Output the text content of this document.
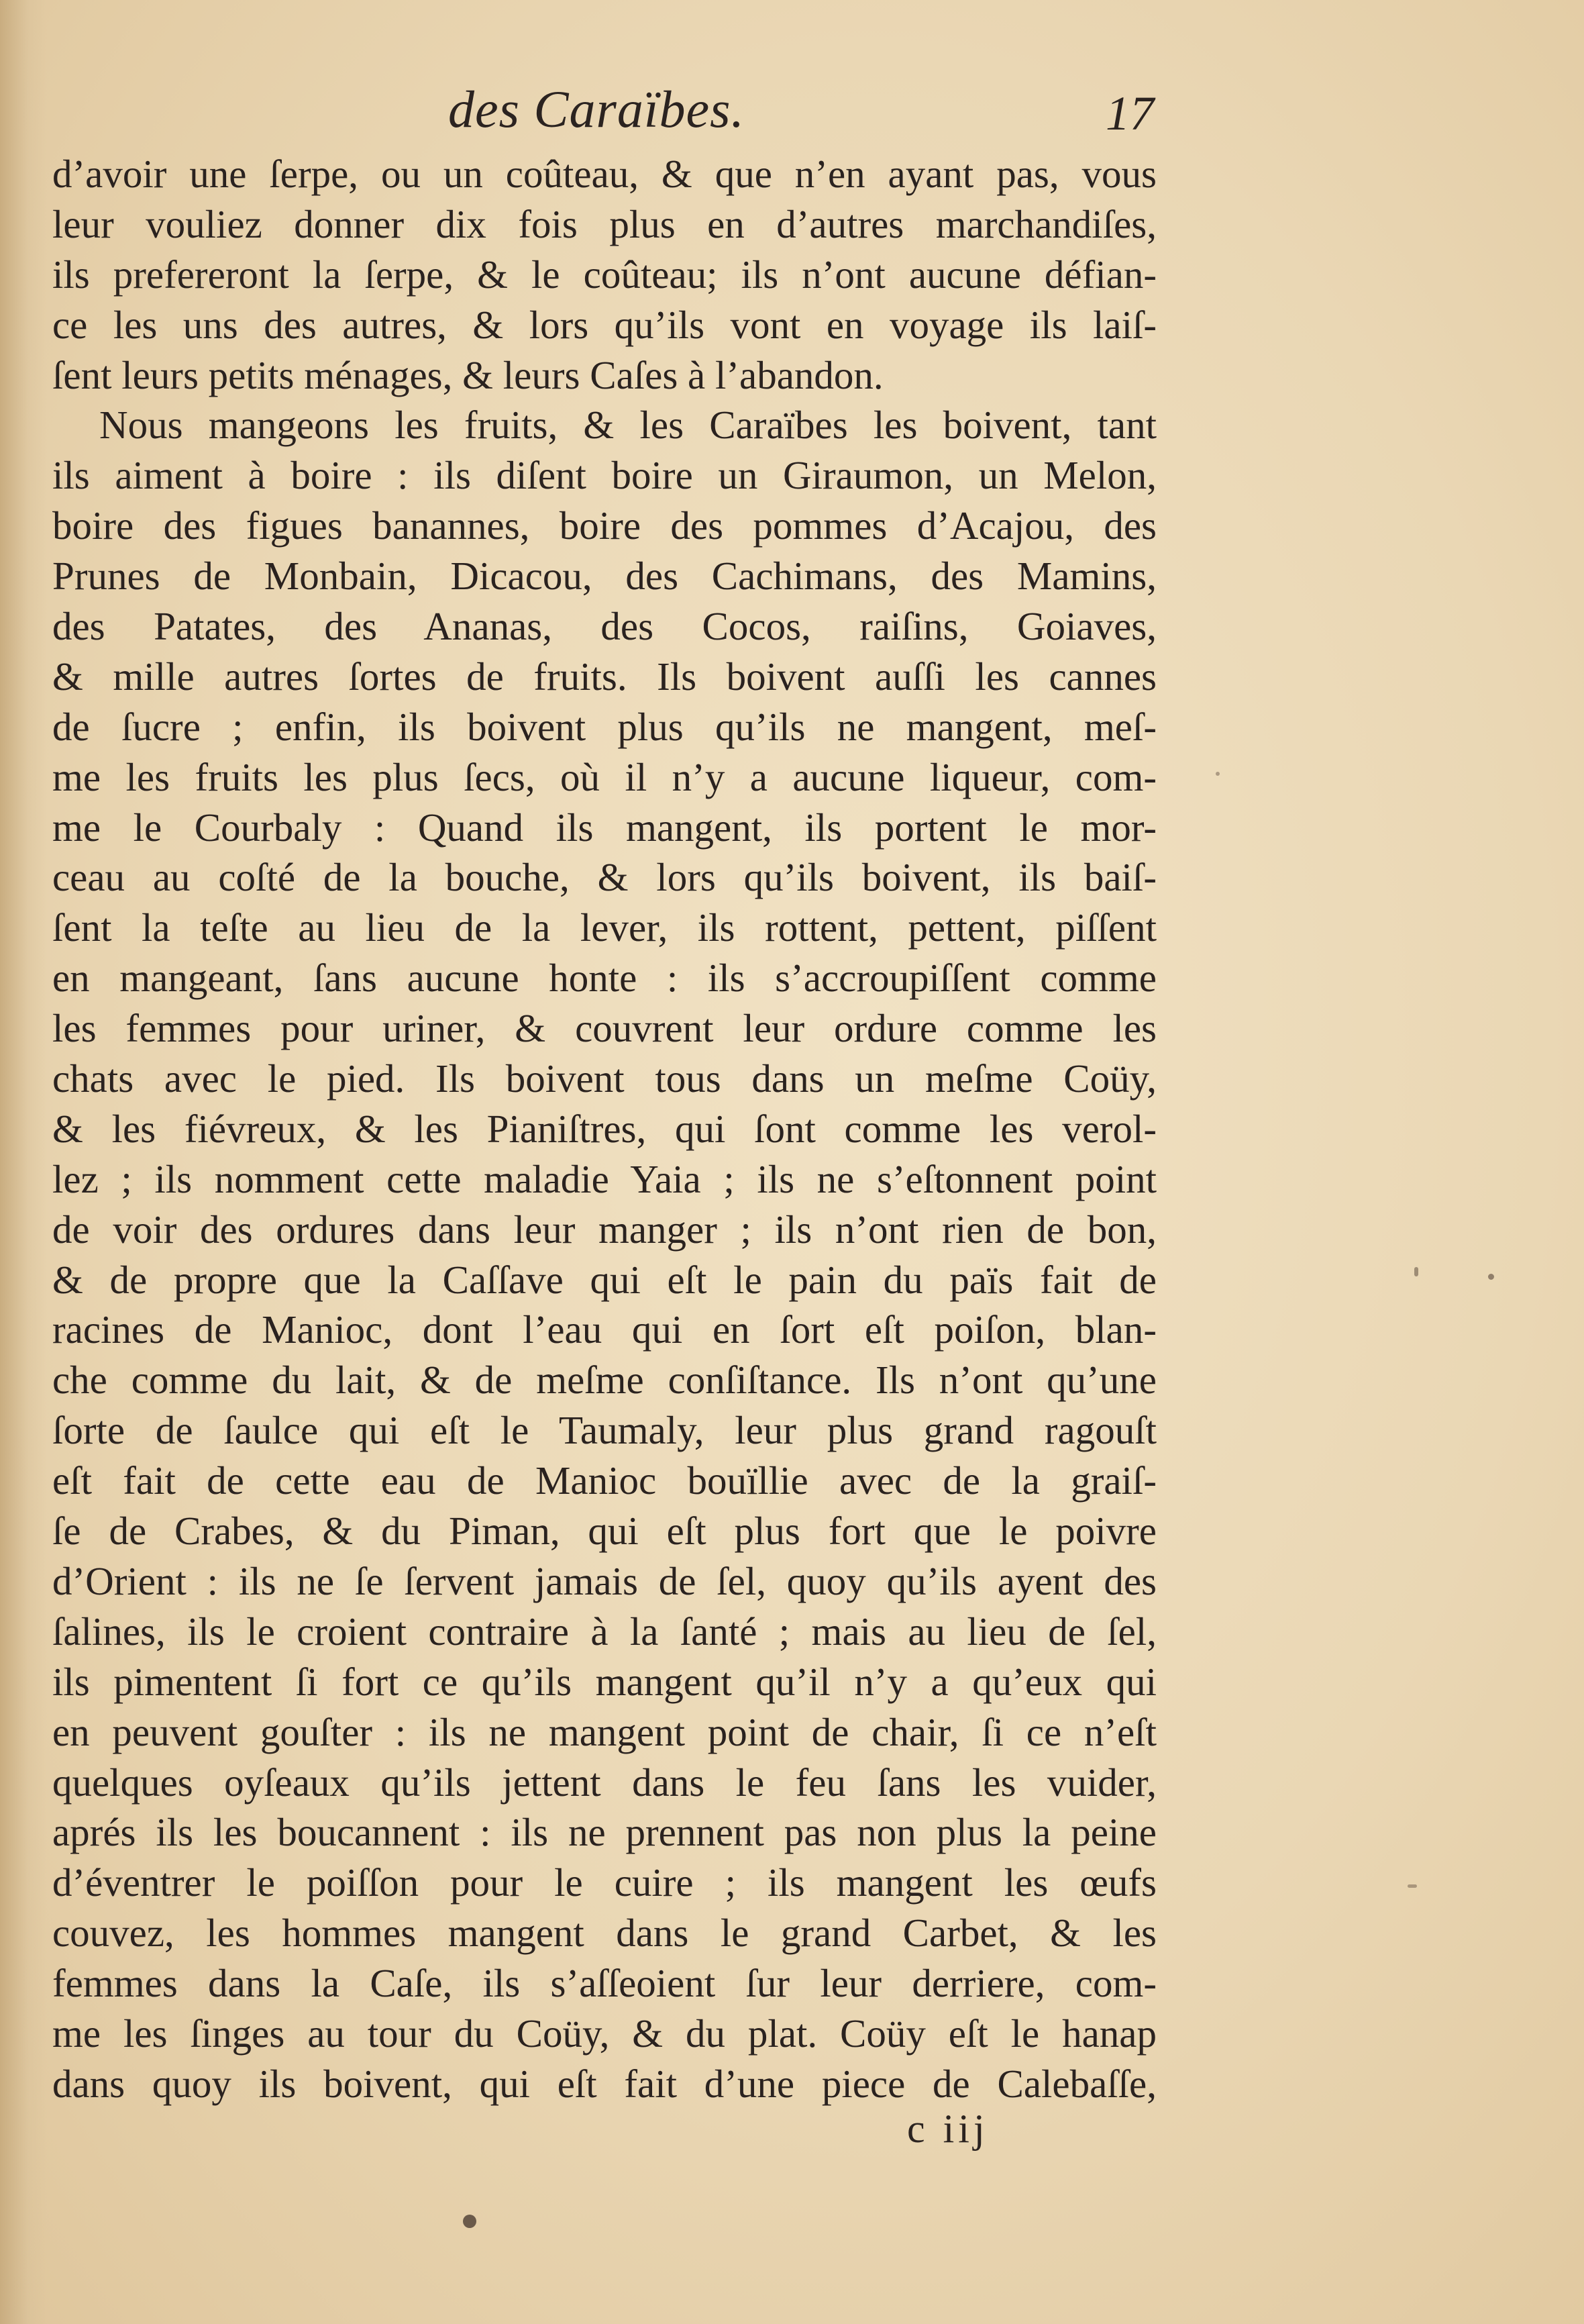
des Caraïbes.	17
d’avoir une ſerpe, ou un coûteau, & que n’en ayant pas, vous
leur vouliez donner dix fois plus en d’autres marchandiſes,
ils prefereront la ſerpe, & le coûteau; ils n’ont aucune défian-
ce les uns des autres, & lors qu’ils vont en voyage ils laiſ-
ſent leurs petits ménages, & leurs Caſes à l’abandon.
Nous mangeons les fruits, & les Caraïbes les boivent, tant
ils aiment à boire : ils diſent boire un Giraumon, un Melon,
boire des figues banannes, boire des pommes d’Acajou, des
Prunes de Monbain, Dicacou, des Cachimans, des Mamins,
des Patates, des Ananas, des Cocos, raiſins, Goiaves,
& mille autres ſortes de fruits. Ils boivent auſſi les cannes
de ſucre ; enfin, ils boivent plus qu’ils ne mangent, meſ-
me les fruits les plus ſecs, où il n’y a aucune liqueur, com-
me le Courbaly : Quand ils mangent, ils portent le mor-
ceau au coſté de la bouche, & lors qu’ils boivent, ils baiſ-
ſent la teſte au lieu de la lever, ils rottent, pettent, piſſent
en mangeant, ſans aucune honte : ils s’accroupiſſent comme
les femmes pour uriner, & couvrent leur ordure comme les
chats avec le pied. Ils boivent tous dans un meſme Coüy,
& les fiévreux, & les Pianiſtres, qui ſont comme les verol-
lez ; ils nomment cette maladie Yaia ; ils ne s’eſtonnent point
de voir des ordures dans leur manger ; ils n’ont rien de bon,
& de propre que la Caſſave qui eſt le pain du païs fait de
racines de Manioc, dont l’eau qui en ſort eſt poiſon, blan-
che comme du lait, & de meſme conſiſtance. Ils n’ont qu’une
ſorte de ſaulce qui eſt le Taumaly, leur plus grand ragouſt
eſt fait de cette eau de Manioc bouïllie avec de la graiſ-
ſe de Crabes, & du Piman, qui eſt plus fort que le poivre
d’Orient : ils ne ſe ſervent jamais de ſel, quoy qu’ils ayent des
ſalines, ils le croient contraire à la ſanté ; mais au lieu de ſel,
ils pimentent ſi fort ce qu’ils mangent qu’il n’y a qu’eux qui
en peuvent gouſter : ils ne mangent point de chair, ſi ce n’eſt
quelques oyſeaux qu’ils jettent dans le feu ſans les vuider,
aprés ils les boucannent : ils ne prennent pas non plus la peine
d’éventrer le poiſſon pour le cuire ; ils mangent les œufs
couvez, les hommes mangent dans le grand Carbet, & les
femmes dans la Caſe, ils s’aſſeoient ſur leur derriere, com-
me les ſinges au tour du Coüy, & du plat. Coüy eſt le hanap
dans quoy ils boivent, qui eſt fait d’une piece de Calebaſſe,
c iij
